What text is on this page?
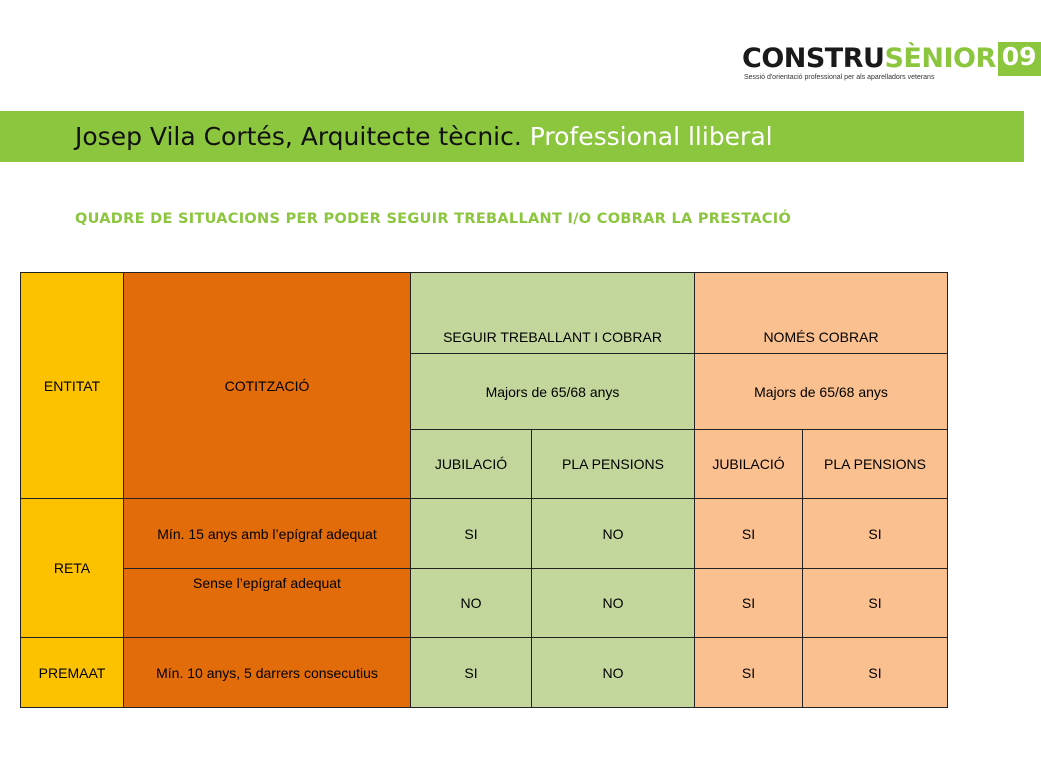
CONSTRUSÈNIOR 09
Sessió d'orientació professional per als aparelladors veterans
Josep Vila Cortés, Arquitecte tècnic. Professional lliberal
QUADRE DE SITUACIONS PER PODER SEGUIR TREBALLANT I/O COBRAR LA PRESTACIÓ
ENTITAT	COTITZACIÓ	SEGUIR TREBALLANT I COBRAR		NOMÉS COBRAR	
		Majors de 65/68 anys		Majors de 65/68 anys	
		JUBILACIÓ	PLA PENSIONS	JUBILACIÓ	PLA PENSIONS
RETA	Mín. 15 anys amb l’epígraf adequat	SI	NO	SI	SI
	Sense l’epígraf adequat	NO	NO	SI	SI
PREMAAT	Mín. 10 anys, 5 darrers consecutius	SI	NO	SI	SI
